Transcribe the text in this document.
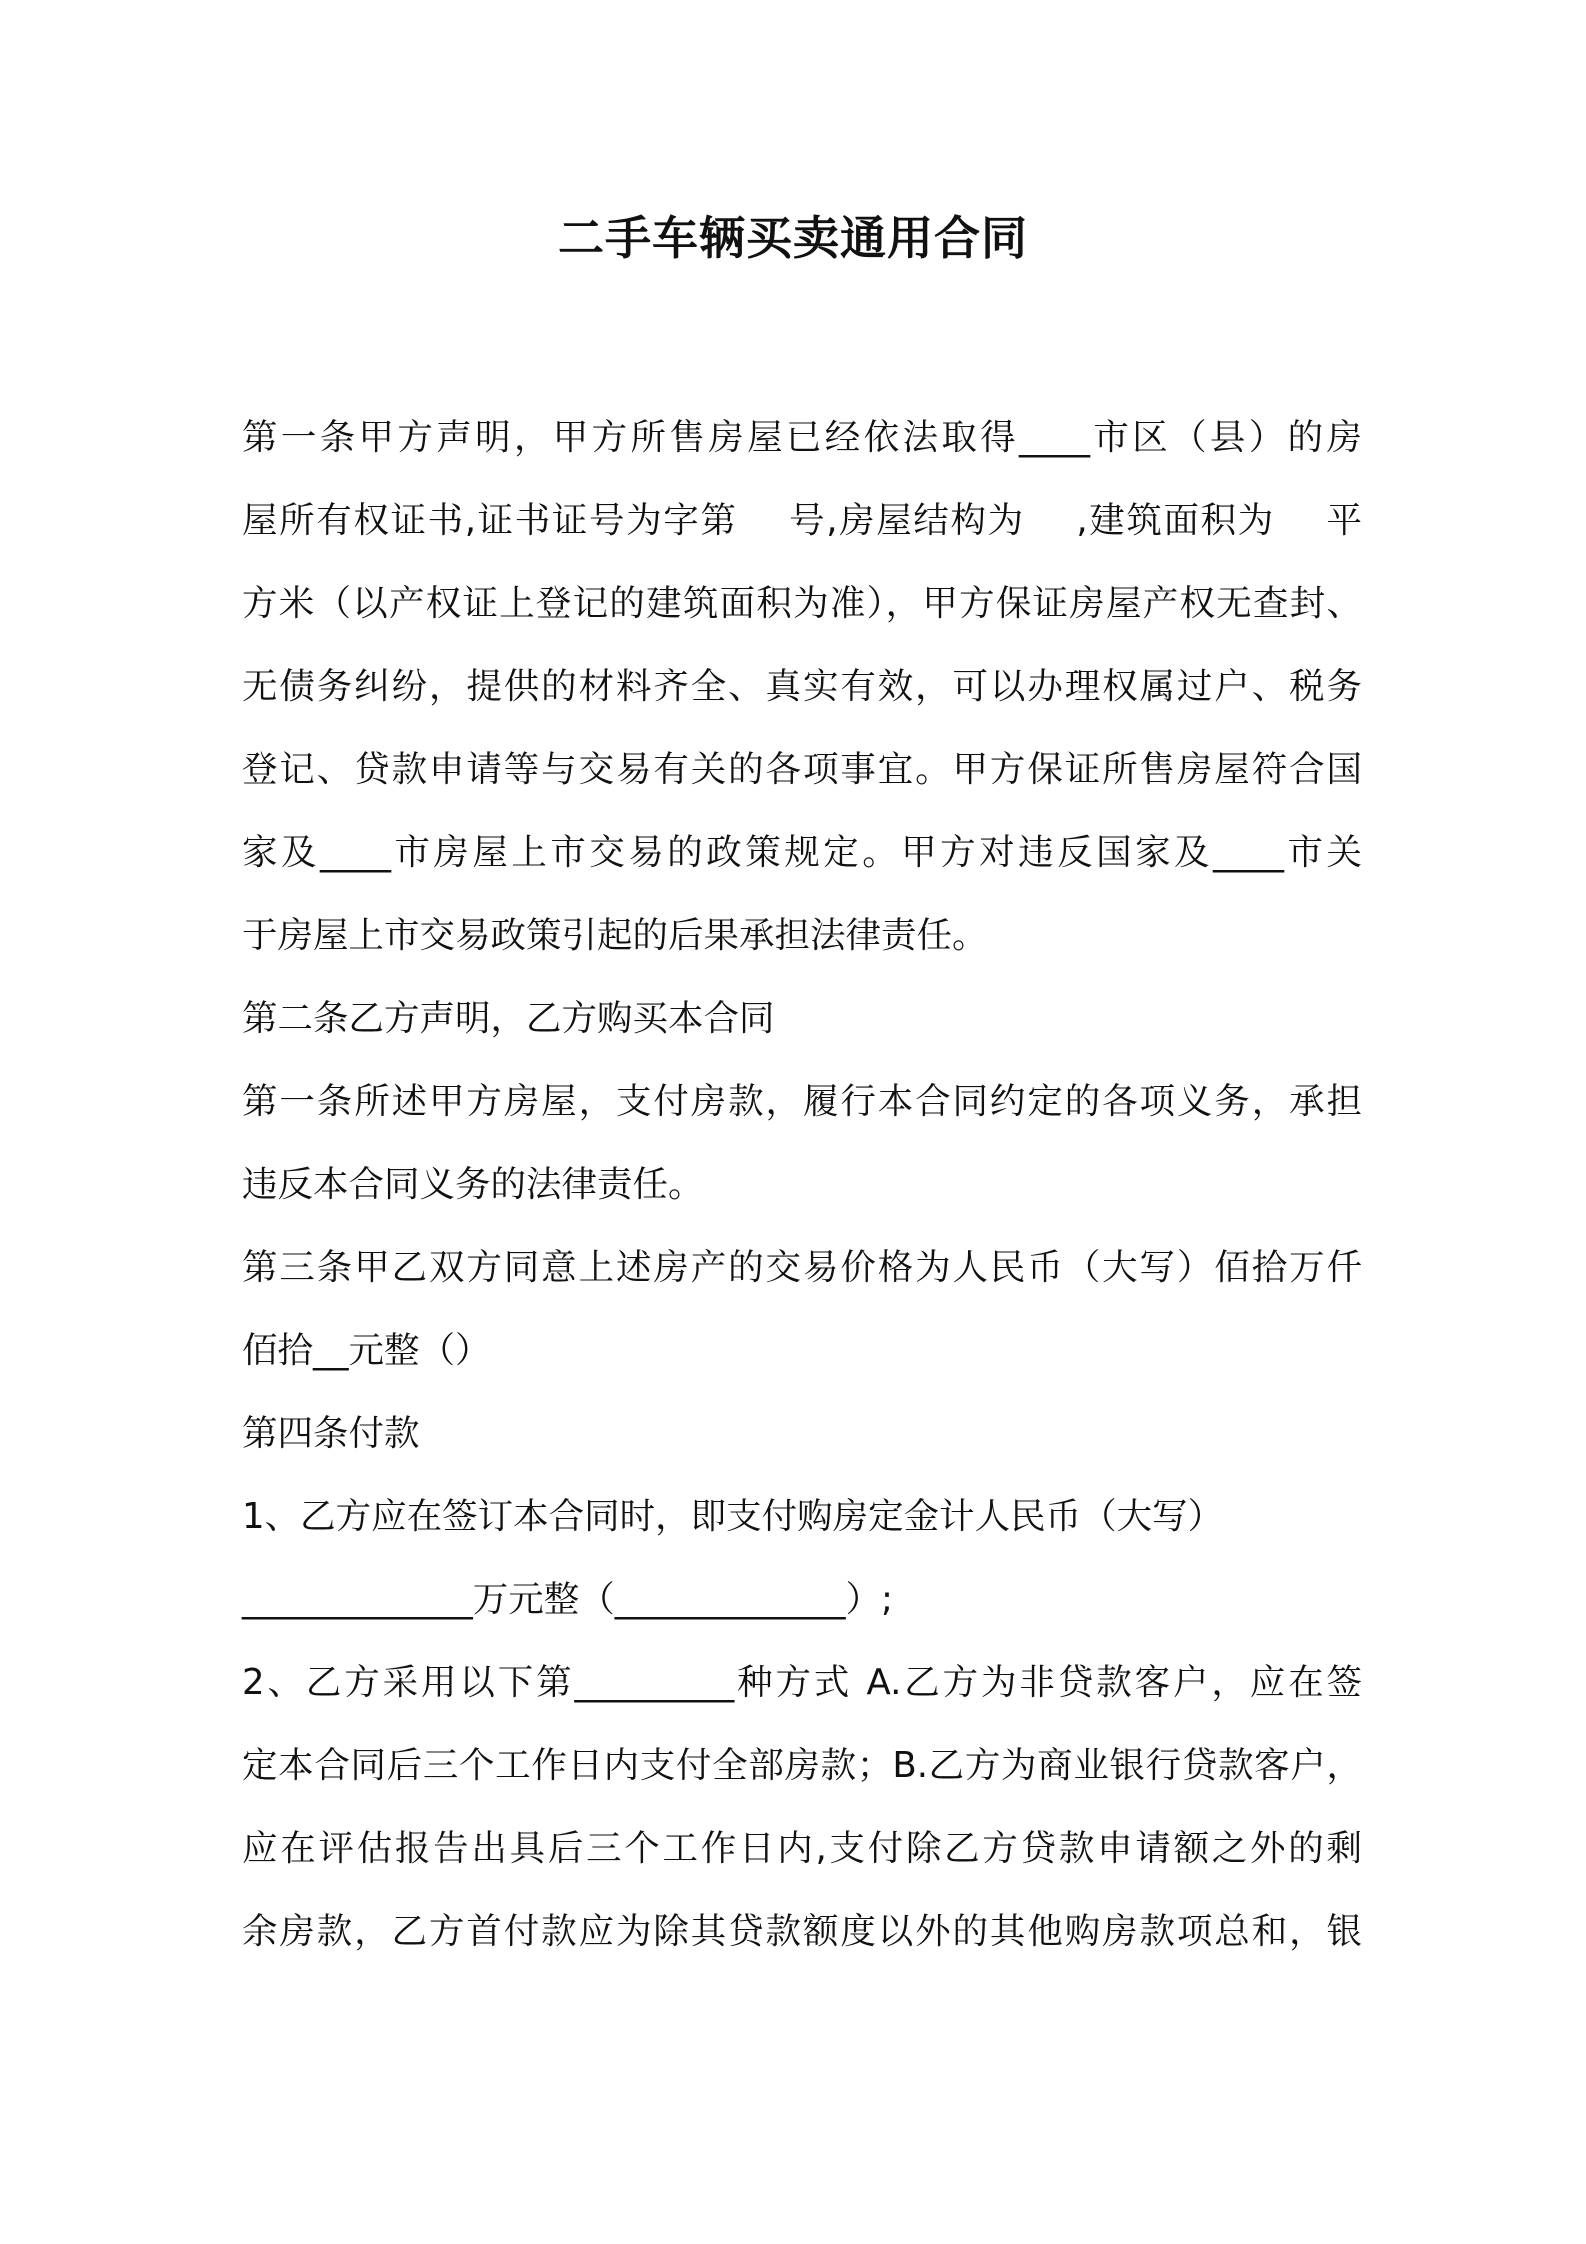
二手车辆买卖通用合同

第一条甲方声明，甲方所售房屋已经依法取得____市区（县）的房

屋所有权证书,证书证号为字第    号,房屋结构为    ,建筑面积为    平

方米（以产权证上登记的建筑面积为准），甲方保证房屋产权无查封、

无债务纠纷，提供的材料齐全、真实有效，可以办理权属过户、税务

登记、贷款申请等与交易有关的各项事宜。甲方保证所售房屋符合国

家及____市房屋上市交易的政策规定。甲方对违反国家及____市关

于房屋上市交易政策引起的后果承担法律责任。

第二条乙方声明，乙方购买本合同

第一条所述甲方房屋，支付房款，履行本合同约定的各项义务，承担

违反本合同义务的法律责任。

第三条甲乙双方同意上述房产的交易价格为人民币（大写）佰拾万仟

佰拾__元整（）

第四条付款

1、乙方应在签订本合同时，即支付购房定金计人民币（大写）

_____________万元整（_____________）;

2、乙方采用以下第_________种方式 A.乙方为非贷款客户，应在签

定本合同后三个工作日内支付全部房款；B.乙方为商业银行贷款客户，

应在评估报告出具后三个工作日内,支付除乙方贷款申请额之外的剩

余房款，乙方首付款应为除其贷款额度以外的其他购房款项总和，银
